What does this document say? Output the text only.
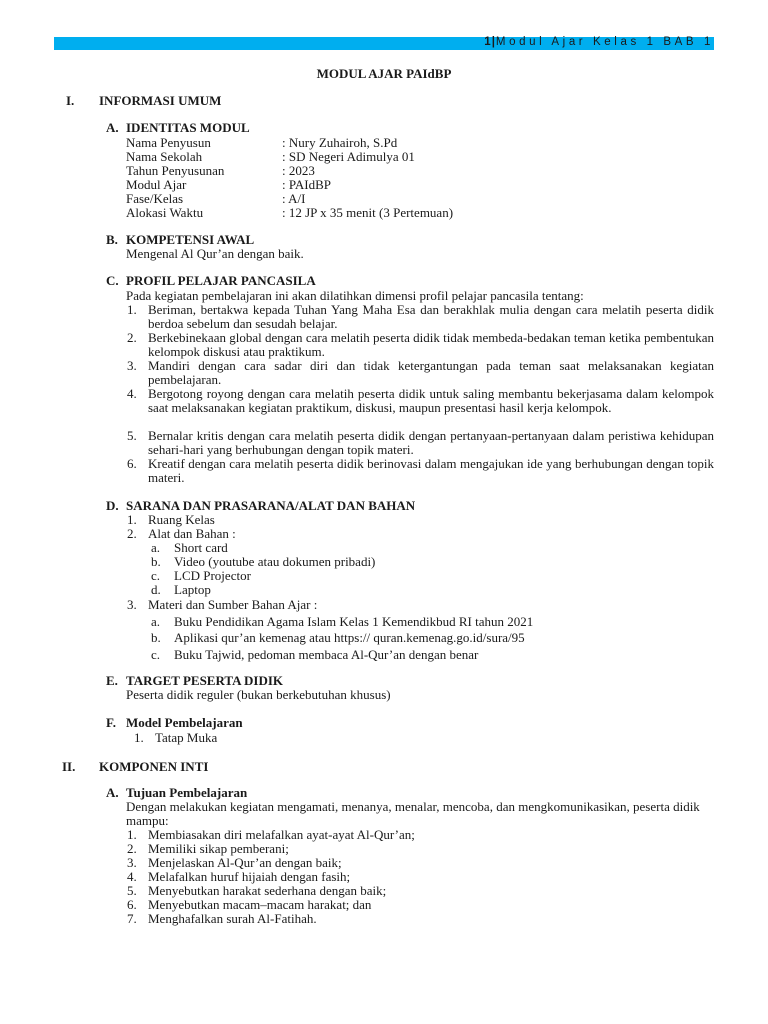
1|Modul Ajar Kelas 1 BAB 1
MODUL AJAR PAIdBP
I. INFORMASI UMUM
A. IDENTITAS MODUL
Nama Penyusun	: Nury Zuhairoh, S.Pd
Nama Sekolah	: SD Negeri Adimulya 01
Tahun Penyusunan	: 2023
Modul Ajar	: PAIdBP
Fase/Kelas	: A/I
Alokasi Waktu	: 12 JP x 35 menit (3 Pertemuan)
B. KOMPETENSI AWAL
Mengenal Al Qur’an dengan baik.
C. PROFIL PELAJAR PANCASILA
Pada kegiatan pembelajaran ini akan dilatihkan dimensi profil pelajar pancasila tentang:
1. Beriman, bertakwa kepada Tuhan Yang Maha Esa dan berakhlak mulia dengan cara melatih peserta didik berdoa sebelum dan sesudah belajar.
2. Berkebinekaan global dengan cara melatih peserta didik tidak membeda-bedakan teman ketika pembentukan kelompok diskusi atau praktikum.
3. Mandiri dengan cara sadar diri dan tidak ketergantungan pada teman saat melaksanakan kegiatan pembelajaran.
4. Bergotong royong dengan cara melatih peserta didik untuk saling membantu bekerjasama dalam kelompok saat melaksanakan kegiatan praktikum, diskusi, maupun presentasi hasil kerja kelompok.
5. Bernalar kritis dengan cara melatih peserta didik dengan pertanyaan-pertanyaan dalam peristiwa kehidupan sehari-hari yang berhubungan dengan topik materi.
6. Kreatif dengan cara melatih peserta didik berinovasi dalam mengajukan ide yang berhubungan dengan topik materi.
D. SARANA DAN PRASARANA/ALAT DAN BAHAN
1. Ruang Kelas
2. Alat dan Bahan :
a. Short card
b. Video (youtube atau dokumen pribadi)
c. LCD Projector
d. Laptop
3. Materi dan Sumber Bahan Ajar :
a. Buku Pendidikan Agama Islam Kelas 1 Kemendikbud RI tahun 2021
b. Aplikasi qur’an kemenag atau https:// quran.kemenag.go.id/sura/95
c. Buku Tajwid, pedoman membaca Al-Qur’an dengan benar
E. TARGET PESERTA DIDIK
Peserta didik reguler (bukan berkebutuhan khusus)
F. Model Pembelajaran
1. Tatap Muka
II. KOMPONEN INTI
A. Tujuan Pembelajaran
Dengan melakukan kegiatan mengamati, menanya, menalar, mencoba, dan mengkomunikasikan, peserta didik mampu:
1. Membiasakan diri melafalkan ayat-ayat Al-Qur’an;
2. Memiliki sikap pemberani;
3. Menjelaskan Al-Qur’an dengan baik;
4. Melafalkan huruf hijaiah dengan fasih;
5. Menyebutkan harakat sederhana dengan baik;
6. Menyebutkan macam–macam harakat; dan
7. Menghafalkan surah Al-Fatihah.
